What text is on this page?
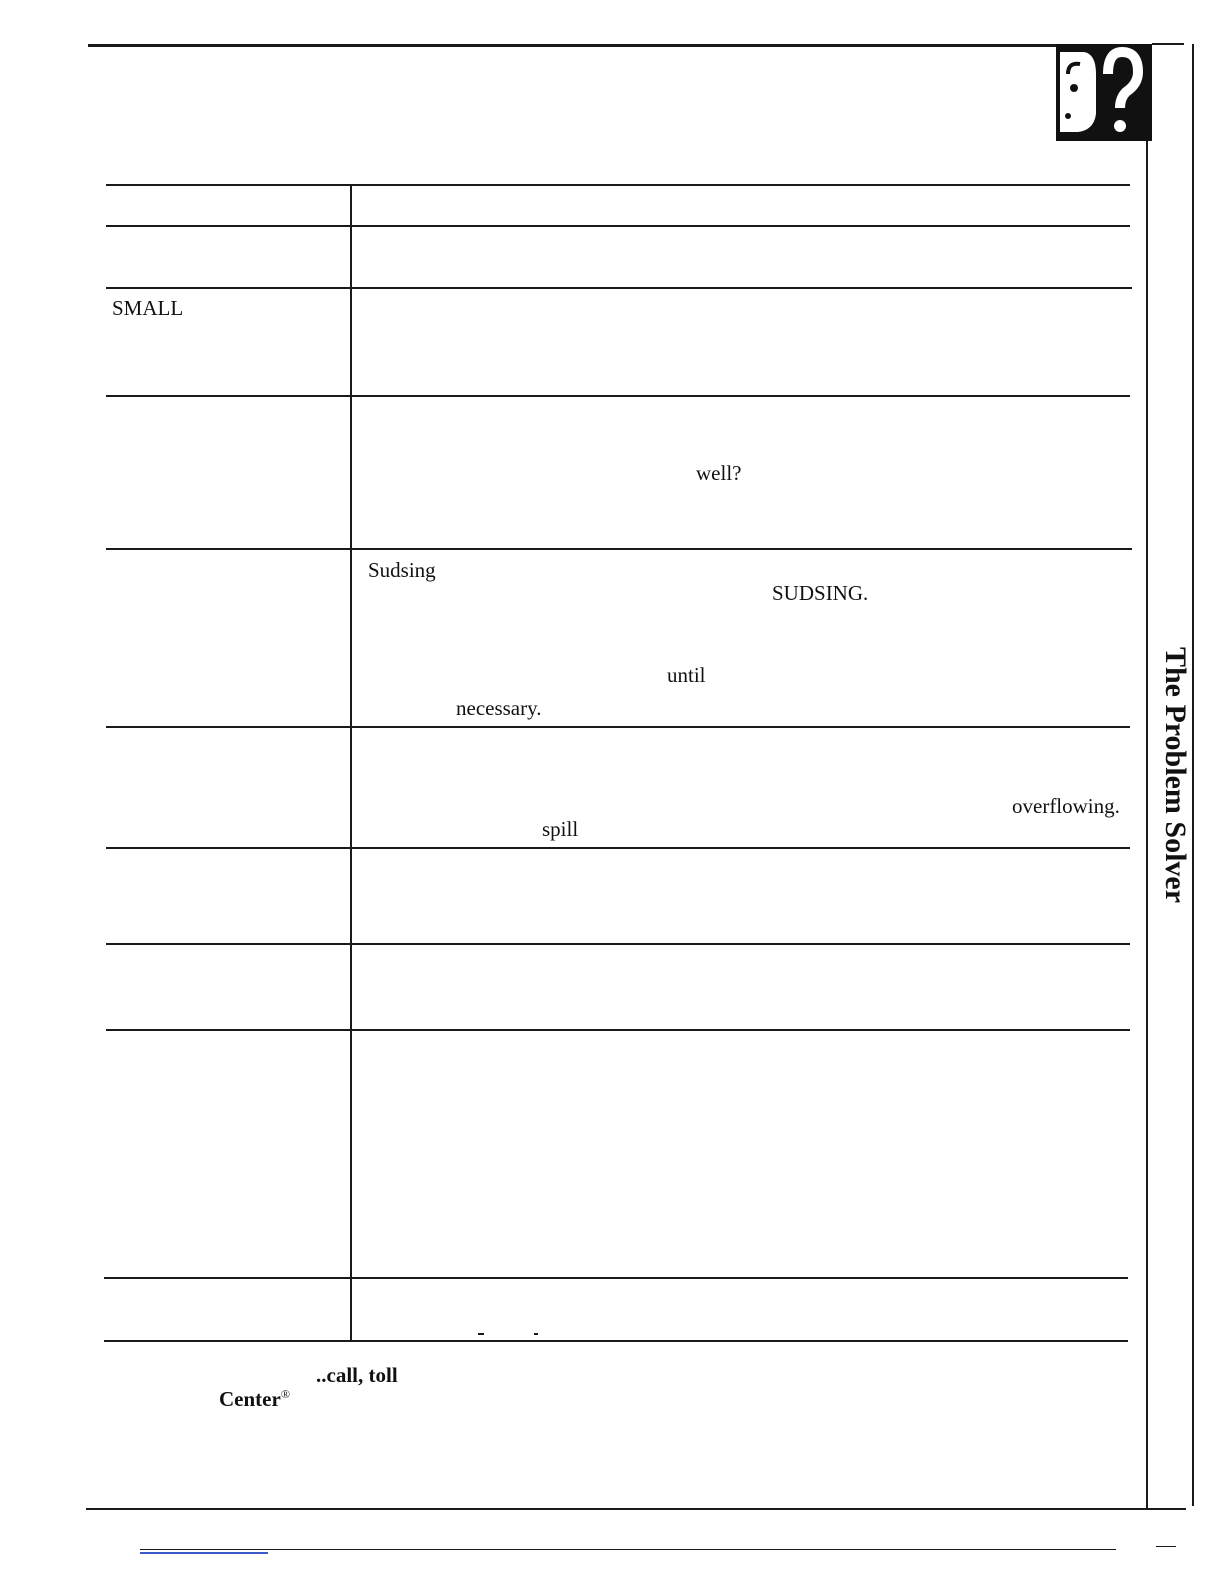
The Problem Solver
SMALL
well?
Sudsing
SUDSING.
until
necessary.
overflowing.
spill
..call, toll
Center®
